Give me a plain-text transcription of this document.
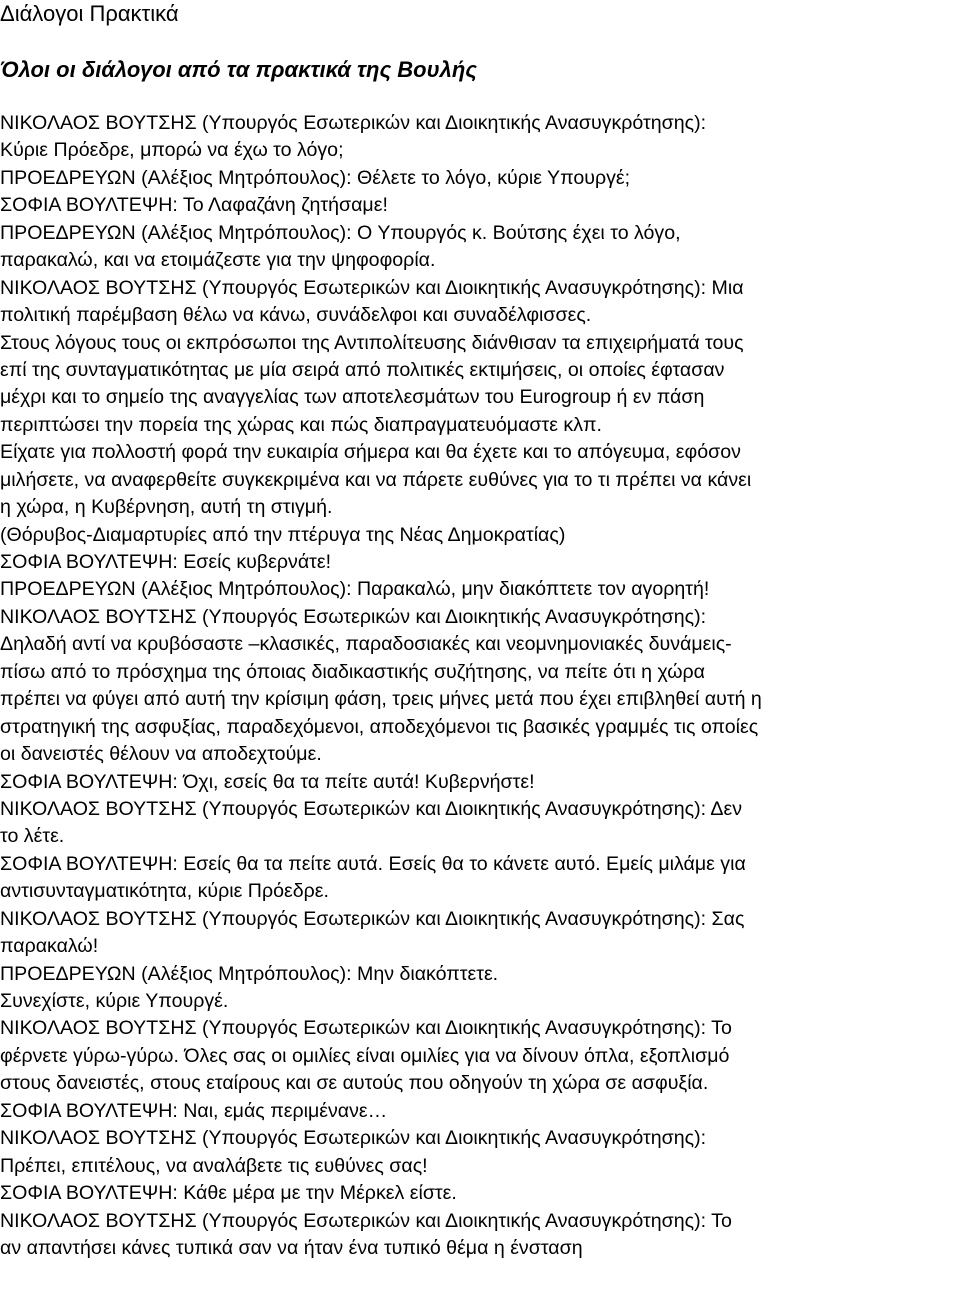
Διάλογοι Πρακτικά
Όλοι οι διάλογοι από τα πρακτικά της Βουλής
ΝΙΚΟΛΑΟΣ ΒΟΥΤΣΗΣ (Υπουργός Εσωτερικών και Διοικητικής Ανασυγκρότησης):
Κύριε Πρόεδρε, μπορώ να έχω το λόγο;
ΠΡΟΕΔΡΕΥΩΝ (Αλέξιος Μητρόπουλος): Θέλετε το λόγο, κύριε Υπουργέ;
ΣΟΦΙΑ ΒΟΥΛΤΕΨΗ: Το Λαφαζάνη ζητήσαμε!
ΠΡΟΕΔΡΕΥΩΝ (Αλέξιος Μητρόπουλος): Ο Υπουργός κ. Βούτσης έχει το λόγο,
παρακαλώ, και να ετοιμάζεστε για την ψηφοφορία.
ΝΙΚΟΛΑΟΣ ΒΟΥΤΣΗΣ (Υπουργός Εσωτερικών και Διοικητικής Ανασυγκρότησης): Μια
πολιτική παρέμβαση θέλω να κάνω, συνάδελφοι και συναδέλφισσες.
Στους λόγους τους οι εκπρόσωποι της Αντιπολίτευσης διάνθισαν τα επιχειρήματά τους
επί της συνταγματικότητας με μία σειρά από πολιτικές εκτιμήσεις, οι οποίες έφτασαν
μέχρι και το σημείο της αναγγελίας των αποτελεσμάτων του Eurogroup ή εν πάση
περιπτώσει την πορεία της χώρας και πώς διαπραγματευόμαστε κλπ.
Είχατε για πολλοστή φορά την ευκαιρία σήμερα και θα έχετε και το απόγευμα, εφόσον
μιλήσετε, να αναφερθείτε συγκεκριμένα και να πάρετε ευθύνες για το τι πρέπει να κάνει
η χώρα, η Κυβέρνηση, αυτή τη στιγμή.
(Θόρυβος-Διαμαρτυρίες από την πτέρυγα της Νέας Δημοκρατίας)
ΣΟΦΙΑ ΒΟΥΛΤΕΨΗ: Εσείς κυβερνάτε!
ΠΡΟΕΔΡΕΥΩΝ (Αλέξιος Μητρόπουλος): Παρακαλώ, μην διακόπτετε τον αγορητή!
ΝΙΚΟΛΑΟΣ ΒΟΥΤΣΗΣ (Υπουργός Εσωτερικών και Διοικητικής Ανασυγκρότησης):
Δηλαδή αντί να κρυβόσαστε –κλασικές, παραδοσιακές και νεομνημονιακές δυνάμεις-
πίσω από το πρόσχημα της όποιας διαδικαστικής συζήτησης, να πείτε ότι η χώρα
πρέπει να φύγει από αυτή την κρίσιμη φάση, τρεις μήνες μετά που έχει επιβληθεί αυτή η
στρατηγική της ασφυξίας, παραδεχόμενοι, αποδεχόμενοι τις βασικές γραμμές τις οποίες
οι δανειστές θέλουν να αποδεχτούμε.
ΣΟΦΙΑ ΒΟΥΛΤΕΨΗ: Όχι, εσείς θα τα πείτε αυτά! Κυβερνήστε!
ΝΙΚΟΛΑΟΣ ΒΟΥΤΣΗΣ (Υπουργός Εσωτερικών και Διοικητικής Ανασυγκρότησης): Δεν
το λέτε.
ΣΟΦΙΑ ΒΟΥΛΤΕΨΗ: Εσείς θα τα πείτε αυτά. Εσείς θα το κάνετε αυτό. Εμείς μιλάμε για
αντισυνταγματικότητα, κύριε Πρόεδρε.
ΝΙΚΟΛΑΟΣ ΒΟΥΤΣΗΣ (Υπουργός Εσωτερικών και Διοικητικής Ανασυγκρότησης): Σας
παρακαλώ!
ΠΡΟΕΔΡΕΥΩΝ (Αλέξιος Μητρόπουλος): Μην διακόπτετε.
Συνεχίστε, κύριε Υπουργέ.
ΝΙΚΟΛΑΟΣ ΒΟΥΤΣΗΣ (Υπουργός Εσωτερικών και Διοικητικής Ανασυγκρότησης): Το
φέρνετε γύρω-γύρω. Όλες σας οι ομιλίες είναι ομιλίες για να δίνουν όπλα, εξοπλισμό
στους δανειστές, στους εταίρους και σε αυτούς που οδηγούν τη χώρα σε ασφυξία.
ΣΟΦΙΑ ΒΟΥΛΤΕΨΗ: Ναι, εμάς περιμένανε…
ΝΙΚΟΛΑΟΣ ΒΟΥΤΣΗΣ (Υπουργός Εσωτερικών και Διοικητικής Ανασυγκρότησης):
Πρέπει, επιτέλους, να αναλάβετε τις ευθύνες σας!
ΣΟΦΙΑ ΒΟΥΛΤΕΨΗ: Κάθε μέρα με την Μέρκελ είστε.
ΝΙΚΟΛΑΟΣ ΒΟΥΤΣΗΣ (Υπουργός Εσωτερικών και Διοικητικής Ανασυγκρότησης): Το
αν απαντήσει κάνες τυπικά σαν να ήταν ένα τυπικό θέμα η ένσταση
